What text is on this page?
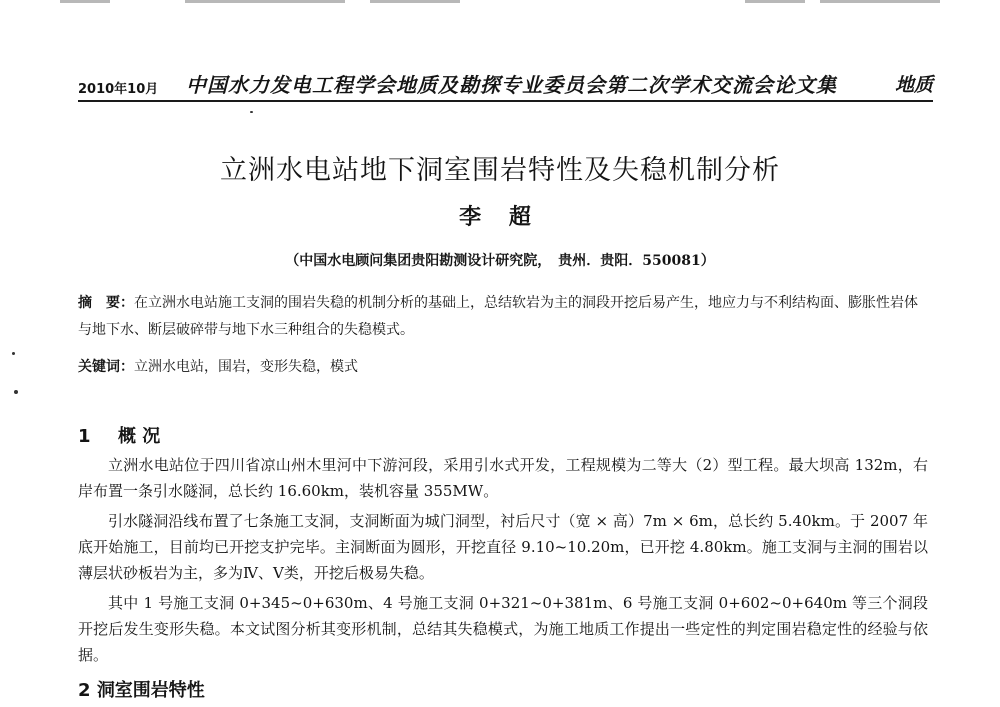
2010年10月 中国水力发电工程学会地质及勘探专业委员会第二次学术交流会论文集	地质
立洲水电站地下洞室围岩特性及失稳机制分析
李 超
（中国水电顾问集团贵阳勘测设计研究院，　贵州．贵阳．550081）
摘　要：在立洲水电站施工支洞的围岩失稳的机制分析的基础上，总结软岩为主的洞段开挖后易产生，地应力与不利结构面、膨胀性岩体与地下水、断层破碎带与地下水三种组合的失稳模式。
关键词：立洲水电站，围岩，变形失稳，模式
1 概 况

立洲水电站位于四川省凉山州木里河中下游河段，采用引水式开发，工程规模为二等大（2）型工程。最大坝高 132m，右岸布置一条引水隧洞，总长约 16.60km，装机容量 355MW。

引水隧洞沿线布置了七条施工支洞，支洞断面为城门洞型，衬后尺寸（宽 × 高）7m × 6m，总长约 5.40km。于 2007 年底开始施工，目前均已开挖支护完毕。主洞断面为圆形，开挖直径 9.10~10.20m，已开挖 4.80km。施工支洞与主洞的围岩以薄层状砂板岩为主，多为Ⅳ、Ⅴ类，开挖后极易失稳。

其中 1 号施工支洞 0+345~0+630m、4 号施工支洞 0+321~0+381m、6 号施工支洞 0+602~0+640m 等三个洞段开挖后发生变形失稳。本文试图分析其变形机制，总结其失稳模式，为施工地质工作提出一些定性的判定围岩稳定性的经验与依据。

2 洞室围岩特性
